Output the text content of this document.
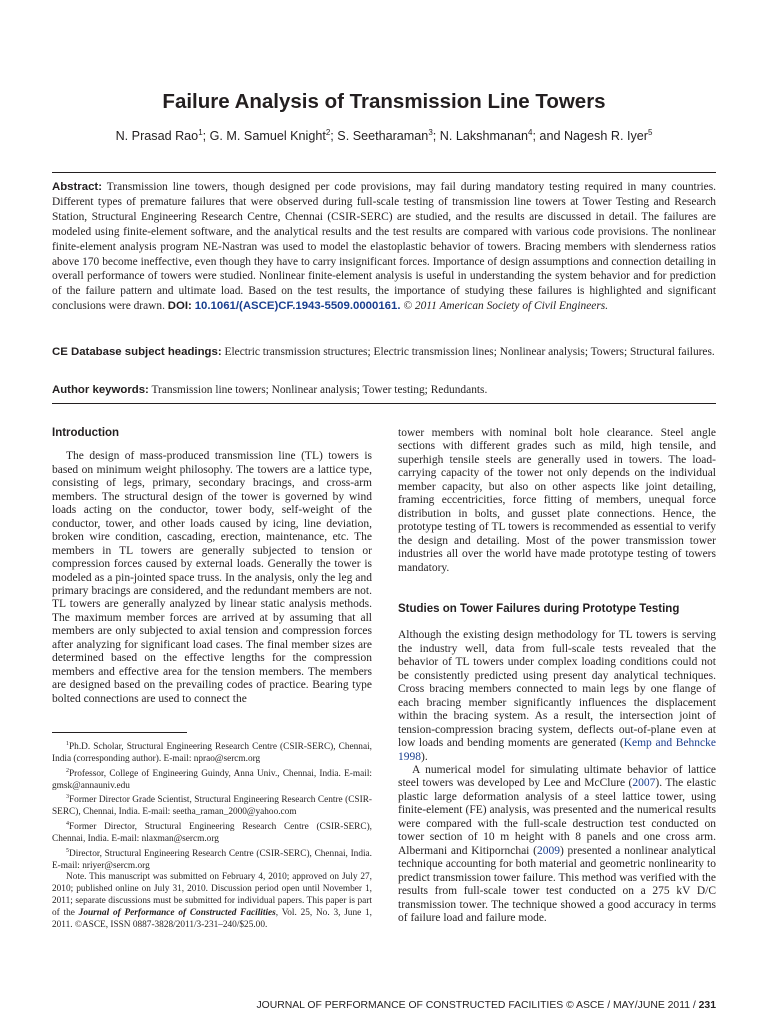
Failure Analysis of Transmission Line Towers
N. Prasad Rao$^1$; G. M. Samuel Knight$^2$; S. Seetharaman$^3$; N. Lakshmanan$^4$; and Nagesh R. Iyer$^5$
Abstract: Transmission line towers, though designed per code provisions, may fail during mandatory testing required in many countries. Different types of premature failures that were observed during full-scale testing of transmission line towers at Tower Testing and Research Station, Structural Engineering Research Centre, Chennai (CSIR-SERC) are studied, and the results are discussed in detail. The failures are modeled using finite-element software, and the analytical results and the test results are compared with various code provisions. The nonlinear finite-element analysis program NE-Nastran was used to model the elastoplastic behavior of towers. Bracing members with slenderness ratios above 170 become ineffective, even though they have to carry insignificant forces. Importance of design assumptions and connection detailing in overall performance of towers were studied. Nonlinear finite-element analysis is useful in understanding the system behavior and for prediction of the failure pattern and ultimate load. Based on the test results, the importance of studying these failures is highlighted and significant conclusions were drawn. DOI: 10.1061/(ASCE)CF.1943-5509.0000161. © 2011 American Society of Civil Engineers.
CE Database subject headings: Electric transmission structures; Electric transmission lines; Nonlinear analysis; Towers; Structural failures.
Author keywords: Transmission line towers; Nonlinear analysis; Tower testing; Redundants.
Introduction

The design of mass-produced transmission line (TL) towers is based on minimum weight philosophy. The towers are a lattice type, consisting of legs, primary, secondary bracings, and cross-arm members. The structural design of the tower is governed by wind loads acting on the conductor, tower body, self-weight of the conductor, tower, and other loads caused by icing, line deviation, broken wire condition, cascading, erection, maintenance, etc. The members in TL towers are generally subjected to tension or compression forces caused by external loads. Generally the tower is modeled as a pin-jointed space truss. In the analysis, only the leg and primary bracings are considered, and the redundant members are not. TL towers are generally analyzed by linear static analysis methods. The maximum member forces are arrived at by assuming that all members are only subjected to axial tension and compression forces after analyzing for significant load cases. The final member sizes are determined based on the effective lengths for the compression members and effective area for the tension members. The members are designed based on the prevailing codes of practice. Bearing type bolted connections are used to connect the

$^1$Ph.D. Scholar, Structural Engineering Research Centre (CSIR-SERC), Chennai, India (corresponding author). E-mail: nprao@sercm.org

$^2$Professor, College of Engineering Guindy, Anna Univ., Chennai, India. E-mail: gmsk@annauniv.edu

$^3$Former Director Grade Scientist, Structural Engineering Research Centre (CSIR-SERC), Chennai, India. E-mail: seetha_raman_2000@yahoo.com

$^4$Former Director, Structural Engineering Research Centre (CSIR-SERC), Chennai, India. E-mail: nlaxman@sercm.org

$^5$Director, Structural Engineering Research Centre (CSIR-SERC), Chennai, India. E-mail: nriyer@sercm.org

Note. This manuscript was submitted on February 4, 2010; approved on July 27, 2010; published online on July 31, 2010. Discussion period open until November 1, 2011; separate discussions must be submitted for individual papers. This paper is part of the Journal of Performance of Constructed Facilities, Vol. 25, No. 3, June 1, 2011. ©ASCE, ISSN 0887-3828/2011/3-231–240/$25.00.

tower members with nominal bolt hole clearance. Steel angle sections with different grades such as mild, high tensile, and superhigh tensile steels are generally used in towers. The load-carrying capacity of the tower not only depends on the individual member capacity, but also on other aspects like joint detailing, framing eccentricities, force fitting of members, unequal force distribution in bolts, and gusset plate connections. Hence, the prototype testing of TL towers is recommended as essential to verify the design and detailing. Most of the power transmission tower industries all over the world have made prototype testing of towers mandatory.

Studies on Tower Failures during Prototype Testing

Although the existing design methodology for TL towers is serving the industry well, data from full-scale tests revealed that the behavior of TL towers under complex loading conditions could not be consistently predicted using present day analytical techniques. Cross bracing members connected to main legs by one flange of each bracing member significantly influences the displacement within the bracing system. As a result, the intersection joint of tension-compression bracing system, deflects out-of-plane even at low loads and bending moments are generated (Kemp and Behncke 1998).

A numerical model for simulating ultimate behavior of lattice steel towers was developed by Lee and McClure (2007). The elastic plastic large deformation analysis of a steel lattice tower, using finite-element (FE) analysis, was presented and the numerical results were compared with the full-scale destruction test conducted on tower section of 10 m height with 8 panels and one cross arm. Albermani and Kitipornchai (2009) presented a nonlinear analytical technique accounting for both material and geometric nonlinearity to predict transmission tower failure. This method was verified with the results from full-scale tower test conducted on a 275 kV D/C transmission tower. The technique showed a good accuracy in terms of failure load and failure mode.

JOURNAL OF PERFORMANCE OF CONSTRUCTED FACILITIES © ASCE / MAY/JUNE 2011 / 231
